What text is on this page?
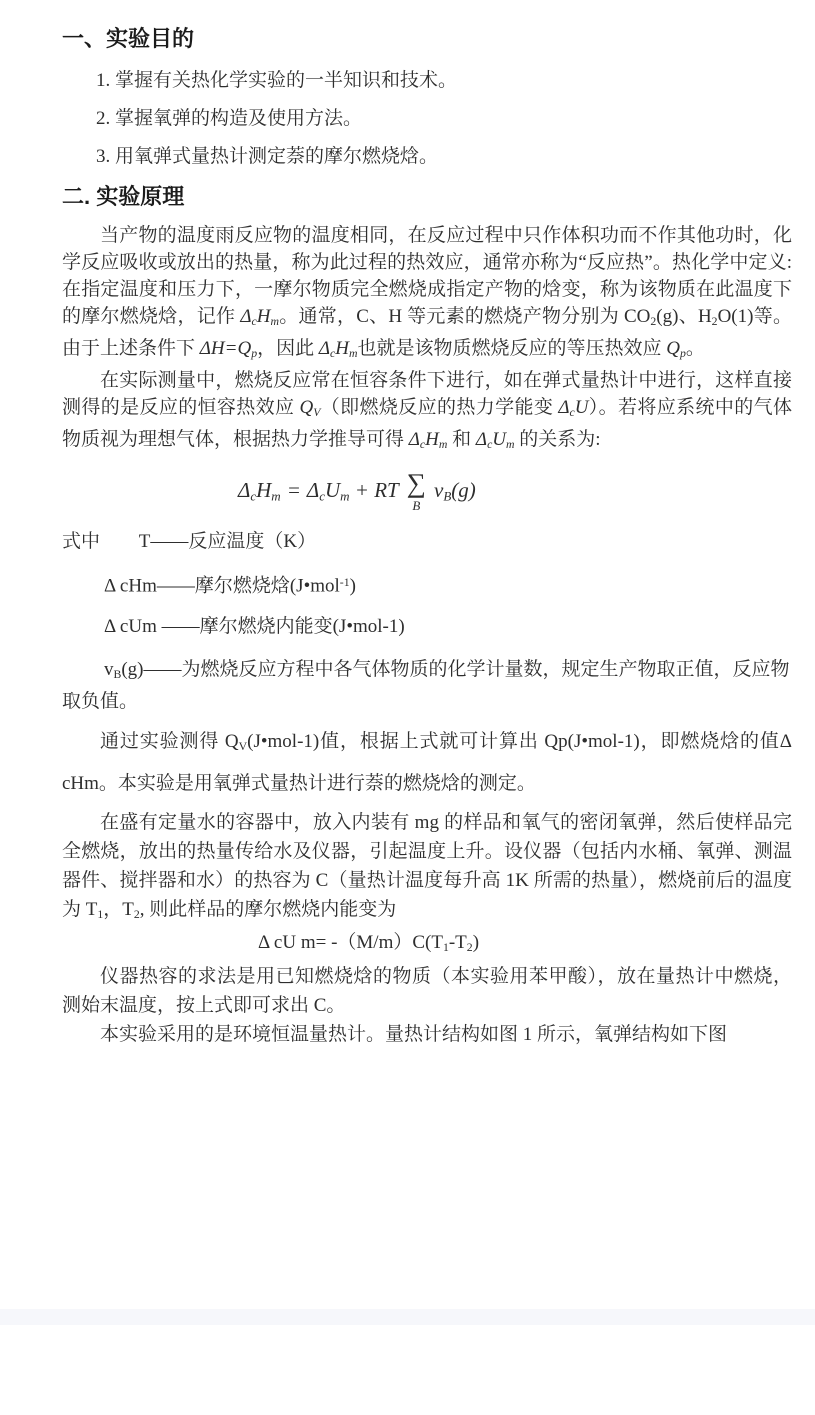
一、实验目的
1. 掌握有关热化学实验的一半知识和技术。
2. 掌握氧弹的构造及使用方法。
3. 用氧弹式量热计测定萘的摩尔燃烧焓。
二. 实验原理

当产物的温度雨反应物的温度相同，在反应过程中只作体积功而不作其他功时，化学反应吸收或放出的热量，称为此过程的热效应，通常亦称为“反应热”。热化学中定义: 在指定温度和压力下，一摩尔物质完全燃烧成指定产物的焓变，称为该物质在此温度下的摩尔燃烧焓，记作 $\Delta_cH_m$。通常，C、H 等元素的燃烧产物分别为 $CO_2(g)$、$H_2O(1)$等。由于上述条件下 $\Delta H=Q_p$，因此 $\Delta_cH_m$也就是该物质燃烧反应的等压热效应 $Q_p$。

在实际测量中，燃烧反应常在恒容条件下进行，如在弹式量热计中进行，这样直接测得的是反应的恒容热效应 $Q_V$（即燃烧反应的热力学能变 $\Delta_cU$）。若将应系统中的气体物质视为理想气体，根据热力学推导可得 $\Delta_cH_m$ 和 $\Delta_cU_m$ 的关系为:

$\Delta_cH_m = \Delta_cU_m$ + RT ∑
B
$\nu_B(g)$
式中 T——反应温度（K）
Δ cHm——摩尔燃烧焓(J•mol$^{-1}$)
Δ cUm ——摩尔燃烧内能变(J•mol-1)
$v_B(g)——$为燃烧反应方程中各气体物质的化学计量数，规定生产物取正值，反应物取负值。

通过实验测得 $Q_V(J•mol-1)$值，根据上式就可计算出 Qp(J•mol-1)，即燃烧焓的值Δ cHm。本实验是用氧弹式量热计进行萘的燃烧焓的测定。

在盛有定量水的容器中，放入内装有 mg 的样品和氧气的密闭氧弹，然后使样品完全燃烧，放出的热量传给水及仪器，引起温度上升。设仪器（包括内水桶、氧弹、测温器件、搅拌器和水）的热容为 C（量热计温度每升高 1K 所需的热量），燃烧前后的温度为 $T_1$，$T_2$, 则此样品的摩尔燃烧内能变为

Δ cU $m= -(M/m)C(T_1-T_2)$

仪器热容的求法是用已知燃烧焓的物质（本实验用苯甲酸），放在量热计中燃烧，测始末温度，按上式即可求出 C。

本实验采用的是环境恒温量热计。量热计结构如图 1 所示，氧弹结构如下图
